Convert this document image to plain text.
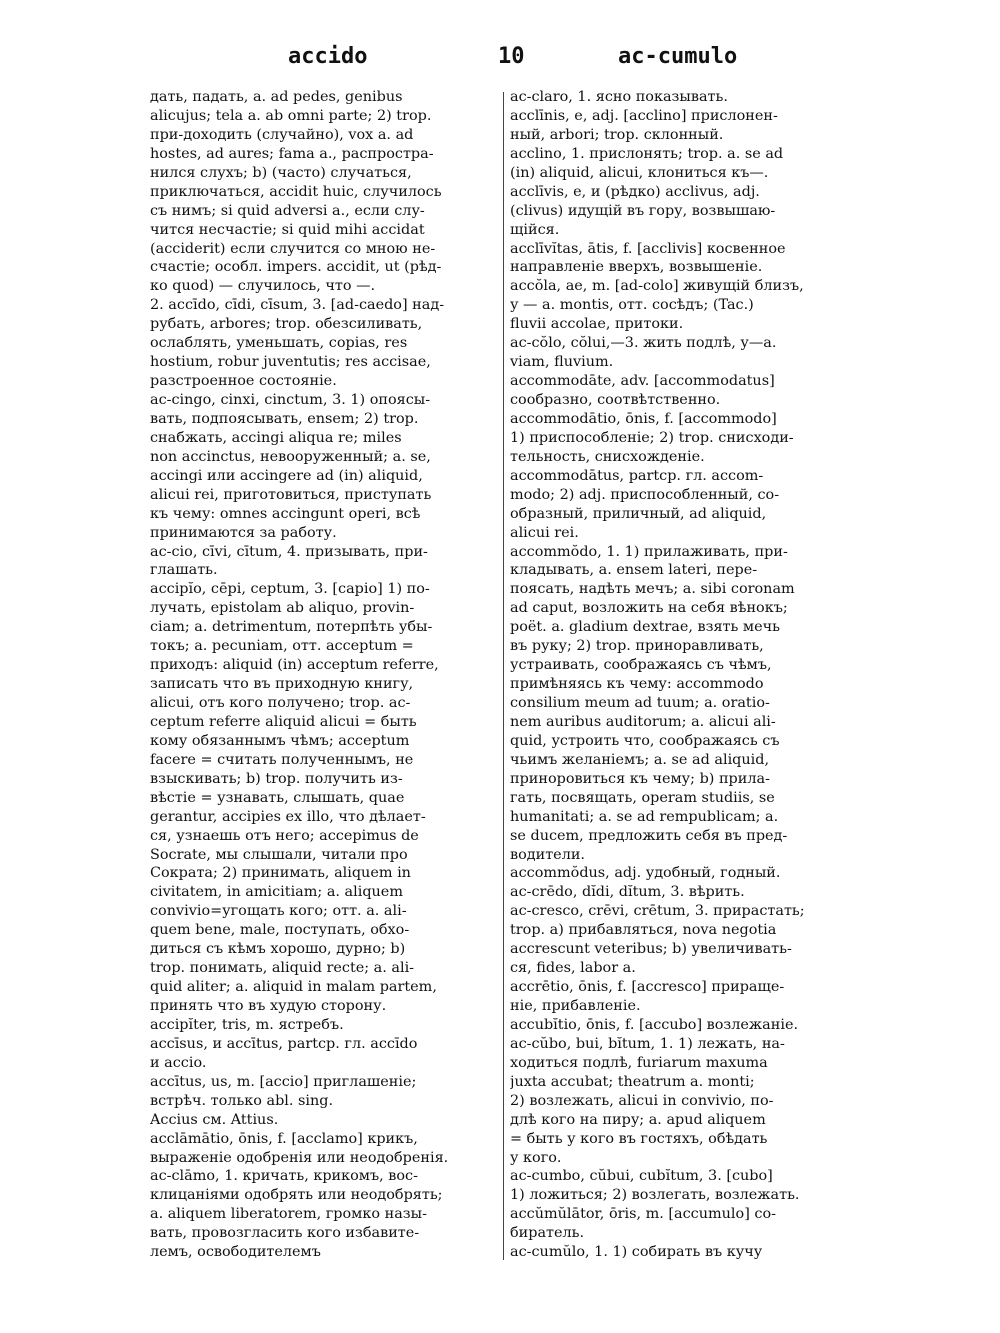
accido	10	ac-cumulo
дать, падать, a. ad pedes, genibus
alicujus; tela a. ab omni parte; 2) trop.
при-доходить (случайно), vox a. ad
hostes, ad aures; fama a., распростра-
нился слухъ; b) (часто) случаться,
приключаться, accidit huic, случилось
съ нимъ; si quid adversi a., если слу-
чится несчастіе; si quid mihi accidat
(acciderit) если случится со мною не-
счастіе; особл. impers. accidit, ut (рѣд-
ко quod) — случилось, что —.
2. accīdo, cīdi, cīsum, 3. [ad-caedo] над-
рубать, arbores; trop. обезсиливать,
ослаблять, уменьшать, copias, res
hostium, robur juventutis; res accisae,
разстроенное состояніе.
ac-cingo, cinxi, cinctum, 3. 1) опоясы-
вать, подпоясывать, ensem; 2) trop.
снабжать, accingi aliqua re; miles
non accinctus, невооруженный; a. se,
accingi или accingere ad (in) aliquid,
alicui rei, приготовиться, приступать
къ чему: omnes accingunt operi, всѣ
принимаются за работу.
ac-cio, cīvi, cītum, 4. призывать, при-
глашать.
accipĭo, cēpi, ceptum, 3. [capio] 1) по-
лучать, epistolam ab aliquo, provin-
ciam; a. detrimentum, потерпѣть убы-
токъ; a. pecuniam, отт. acceptum =
приходъ: aliquid (in) acceptum referre,
записать что въ приходную книгу,
alicui, отъ кого получено; trop. ac-
ceptum referre aliquid alicui = быть
кому обязаннымъ чѣмъ; acceptum
facere = считать полученнымъ, не
взыскивать; b) trop. получить из-
вѣстіе = узнавать, слышать, quae
gerantur, accipies ex illo, что дѣлает-
ся, узнаешь отъ него; accepimus de
Socrate, мы слышали, читали про
Сократа; 2) принимать, aliquem in
civitatem, in amicitiam; a. aliquem
convivio=угощать кого; отт. a. ali-
quem bene, male, поступать, обхо-
диться съ кѣмъ хорошо, дурно; b)
trop. понимать, aliquid recte; a. ali-
quid aliter; a. aliquid in malam partem,
принять что въ худую сторону.
accipĭter, tris, m. ястребъ.
accīsus, и accītus, partcp. гл. accīdo
и accio.
accītus, us, m. [accio] приглашеніе;
встрѣч. только abl. sing.
Accius см. Attius.
acclāmātio, ōnis, f. [acclamo] крикъ,
выраженіе одобренія или неодобренія.
ac-clāmo, 1. кричать, крикомъ, вос-
клицаніями одобрять или неодобрять;
a. aliquem liberatorem, громко назы-
вать, провозгласить кого избавите-
лемъ, освободителемъ
ac-claro, 1. ясно показывать.
acclīnis, e, adj. [acclino] прислонен-
ный, arbori; trop. склонный.
acclino, 1. прислонять; trop. a. se ad
(in) aliquid, alicui, клониться къ—.
acclīvis, e, и (рѣдко) acclivus, adj.
(clivus) идущій въ гору, возвышаю-
щійся.
acclīvĭtas, ātis, f. [acclivis] косвенное
направленіе вверхъ, возвышеніе.
accŏla, ae, m. [ad-colo] живущій близъ,
у — a. montis, отт. сосѣдъ; (Tac.)
fluvii accolae, притоки.
ac-cŏlo, cŏlui,—3. жить подлѣ, у—a.
viam, fluvium.
accommodāte, adv. [accommodatus]
сообразно, соотвѣтственно.
accommodātio, ōnis, f. [accommodo]
1) приспособленіе; 2) trop. снисходи-
тельность, снисхожденіе.
accommodātus, partcp. гл. accom-
modo; 2) adj. приспособленный, со-
образный, приличный, ad aliquid,
alicui rei.
accommŏdo, 1. 1) прилаживать, при-
кладывать, a. ensem lateri, пере-
поясать, надѣть мечъ; a. sibi coronam
ad caput, возложить на себя вѣнокъ;
poët. a. gladium dextrae, взять мечь
въ руку; 2) trop. приноравливать,
устраивать, соображаясь съ чѣмъ,
примѣняясь къ чему: accommodo
consilium meum ad tuum; a. oratio-
nem auribus auditorum; a. alicui ali-
quid, устроить что, соображаясь съ
чьимъ желаніемъ; a. se ad aliquid,
приноровиться къ чему; b) прила-
гать, посвящать, operam studiis, se
humanitati; a. se ad rempublicam; a.
se ducem, предложить себя въ пред-
водители.
accommŏdus, adj. удобный, годный.
ac-crēdo, dĭdi, dĭtum, 3. вѣрить.
ac-cresco, crēvi, crētum, 3. прирастать;
trop. a) прибавляться, nova negotia
accrescunt veteribus; b) увеличивать-
ся, fides, labor a.
accrētio, ōnis, f. [accresco] прираще-
ніе, прибавленіе.
accubĭtio, ōnis, f. [accubo] возлежаніе.
ac-cŭbo, bui, bĭtum, 1. 1) лежать, на-
ходиться подлѣ, furiarum maxuma
juxta accubat; theatrum a. monti;
2) возлежать, alicui in convivio, по-
длѣ кого на пиру; a. apud aliquem
= быть у кого въ гостяхъ, обѣдать
у кого.
ac-cumbo, cŭbui, cubĭtum, 3. [cubo]
1) ложиться; 2) возлегать, возлежать.
accŭmŭlātor, ōris, m. [accumulo] со-
биратель.
ac-cumŭlo, 1. 1) собирать въ кучу
